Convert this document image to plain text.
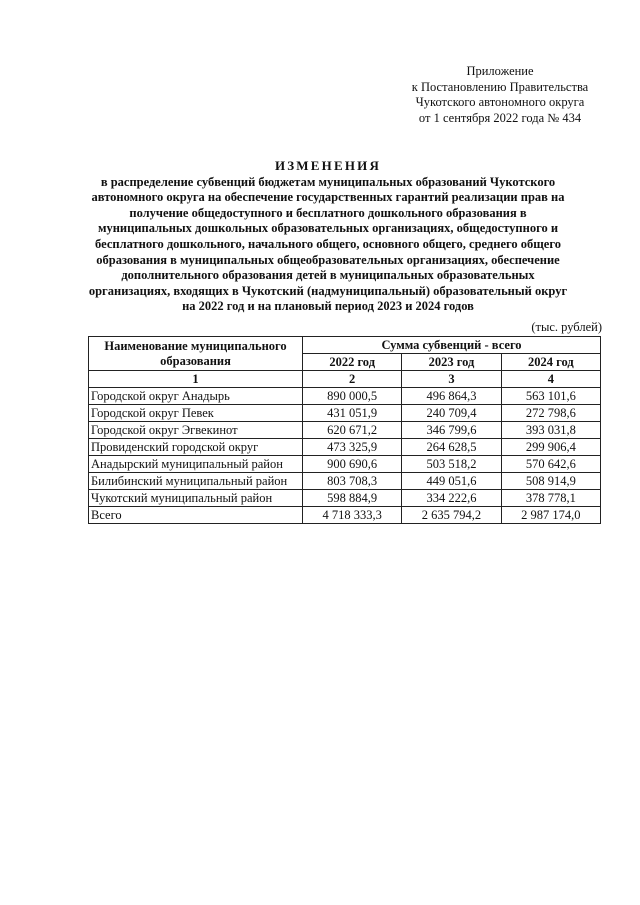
Приложение
к Постановлению Правительства
Чукотского автономного округа
от 1 сентября 2022 года № 434
ИЗМЕНЕНИЯ
в распределение субвенций бюджетам муниципальных образований Чукотского
автономного округа на обеспечение государственных гарантий реализации прав на
получение общедоступного и бесплатного дошкольного образования в
муниципальных дошкольных образовательных организациях, общедоступного и
бесплатного дошкольного, начального общего, основного общего, среднего общего
образования в муниципальных общеобразовательных организациях, обеспечение
дополнительного образования детей в муниципальных образовательных
организациях, входящих в Чукотский (надмуниципальный) образовательный округ
на 2022 год и на плановый период 2023 и 2024 годов
(тыс. рублей)
Наименование муниципального образования	Сумма субвенций - всего		
	2022 год	2023 год	2024 год
1	2	3	4
Городской округ Анадырь	890 000,5	496 864,3	563 101,6
Городской округ Певек	431 051,9	240 709,4	272 798,6
Городской округ Эгвекинот	620 671,2	346 799,6	393 031,8
Провиденский городской округ	473 325,9	264 628,5	299 906,4
Анадырский муниципальный район	900 690,6	503 518,2	570 642,6
Билибинский муниципальный район	803 708,3	449 051,6	508 914,9
Чукотский муниципальный район	598 884,9	334 222,6	378 778,1
Всего	4 718 333,3	2 635 794,2	2 987 174,0
